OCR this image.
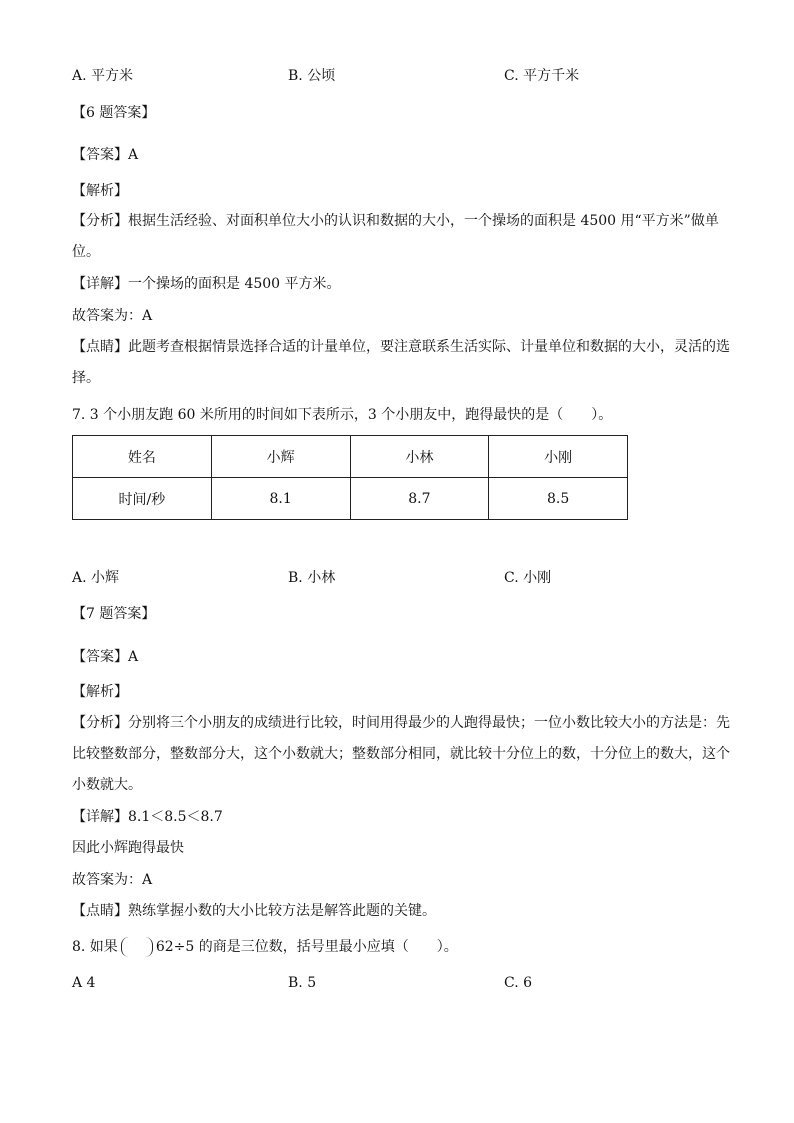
A. 平方米	B. 公顷	C. 平方千米
【6 题答案】
【答案】A
【解析】
【分析】根据生活经验、对面积单位大小的认识和数据的大小，一个操场的面积是 4500 用“平方米”做单位。
【详解】一个操场的面积是 4500 平方米。
故答案为：A
【点睛】此题考查根据情景选择合适的计量单位，要注意联系生活实际、计量单位和数据的大小，灵活的选择。
7. 3 个小朋友跑 60 米所用的时间如下表所示，3 个小朋友中，跑得最快的是（　　）。
姓名	小辉	小林	小刚
时间/秒	8.1	8.7	8.5
A. 小辉	B. 小林	C. 小刚
【7 题答案】
【答案】A
【解析】
【分析】分别将三个小朋友的成绩进行比较，时间用得最少的人跑得最快；一位小数比较大小的方法是：先比较整数部分，整数部分大，这个小数就大；整数部分相同，就比较十分位上的数，十分位上的数大，这个小数就大。
【详解】8.1＜8.5＜8.7
因此小辉跑得最快
故答案为：A
【点睛】熟练掌握小数的大小比较方法是解答此题的关键。
8. 如果	62÷5 的商是三位数，括号里最小应填（　　）。
A 4	B. 5	C. 6
